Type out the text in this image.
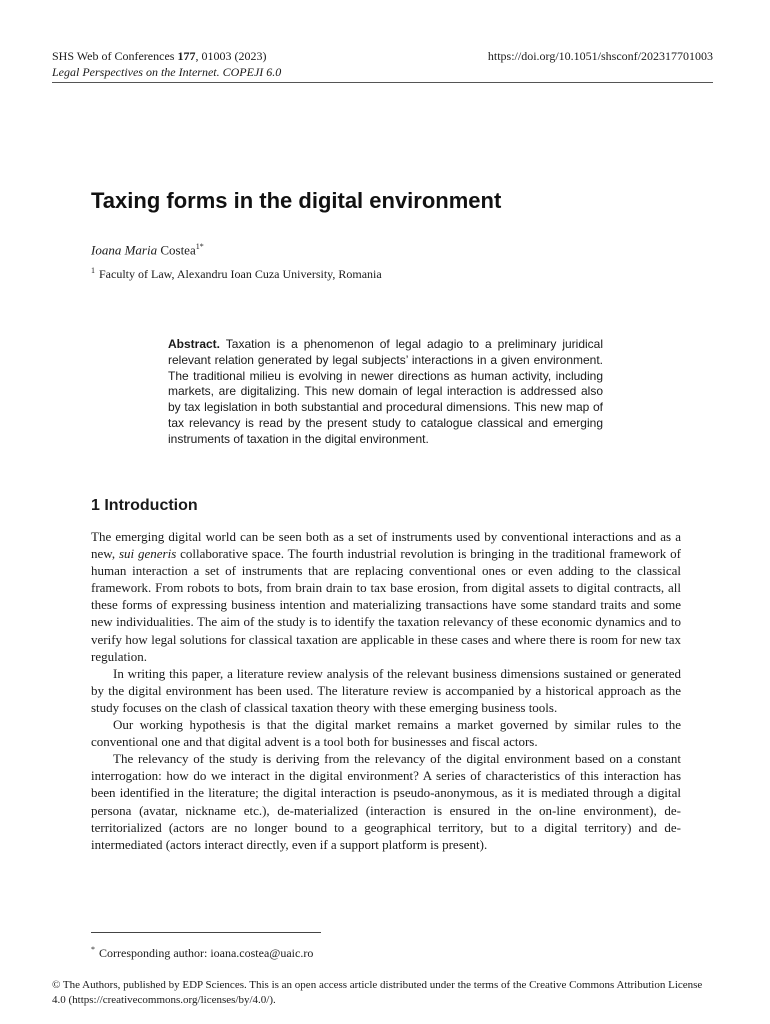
SHS Web of Conferences 177, 01003 (2023)
Legal Perspectives on the Internet. COPEJI 6.0
https://doi.org/10.1051/shsconf/202317701003
Taxing forms in the digital environment
Ioana Maria Costea$^{1*}$
$^1$ Faculty of Law, Alexandru Ioan Cuza University, Romania

Abstract. Taxation is a phenomenon of legal adagio to a preliminary juridical relevant relation generated by legal subjects’ interactions in a given environment. The traditional milieu is evolving in newer directions as human activity, including markets, are digitalizing. This new domain of legal interaction is addressed also by tax legislation in both substantial and procedural dimensions. This new map of tax relevancy is read by the present study to catalogue classical and emerging instruments of taxation in the digital environment.

1 Introduction

The emerging digital world can be seen both as a set of instruments used by conventional interactions and as a new, sui generis collaborative space. The fourth industrial revolution is bringing in the traditional framework of human interaction a set of instruments that are replacing conventional ones or even adding to the classical framework. From robots to bots, from brain drain to tax base erosion, from digital assets to digital contracts, all these forms of expressing business intention and materializing transactions have some standard traits and some new individualities. The aim of the study is to identify the taxation relevancy of these economic dynamics and to verify how legal solutions for classical taxation are applicable in these cases and where there is room for new tax regulation.

In writing this paper, a literature review analysis of the relevant business dimensions sustained or generated by the digital environment has been used. The literature review is accompanied by a historical approach as the study focuses on the clash of classical taxation theory with these emerging business tools.

Our working hypothesis is that the digital market remains a market governed by similar rules to the conventional one and that digital advent is a tool both for businesses and fiscal actors.

The relevancy of the study is deriving from the relevancy of the digital environment based on a constant interrogation: how do we interact in the digital environment? A series of characteristics of this interaction has been identified in the literature; the digital interaction is pseudo-anonymous, as it is mediated through a digital persona (avatar, nickname etc.), de-materialized (interaction is ensured in the on-line environment), de-territorialized (actors are no longer bound to a geographical territory, but to a digital territory) and de-intermediated (actors interact directly, even if a support platform is present).

* Corresponding author: ioana.costea@uaic.ro
© The Authors, published by EDP Sciences. This is an open access article distributed under the terms of the Creative Commons Attribution License 4.0 (https://creativecommons.org/licenses/by/4.0/).
